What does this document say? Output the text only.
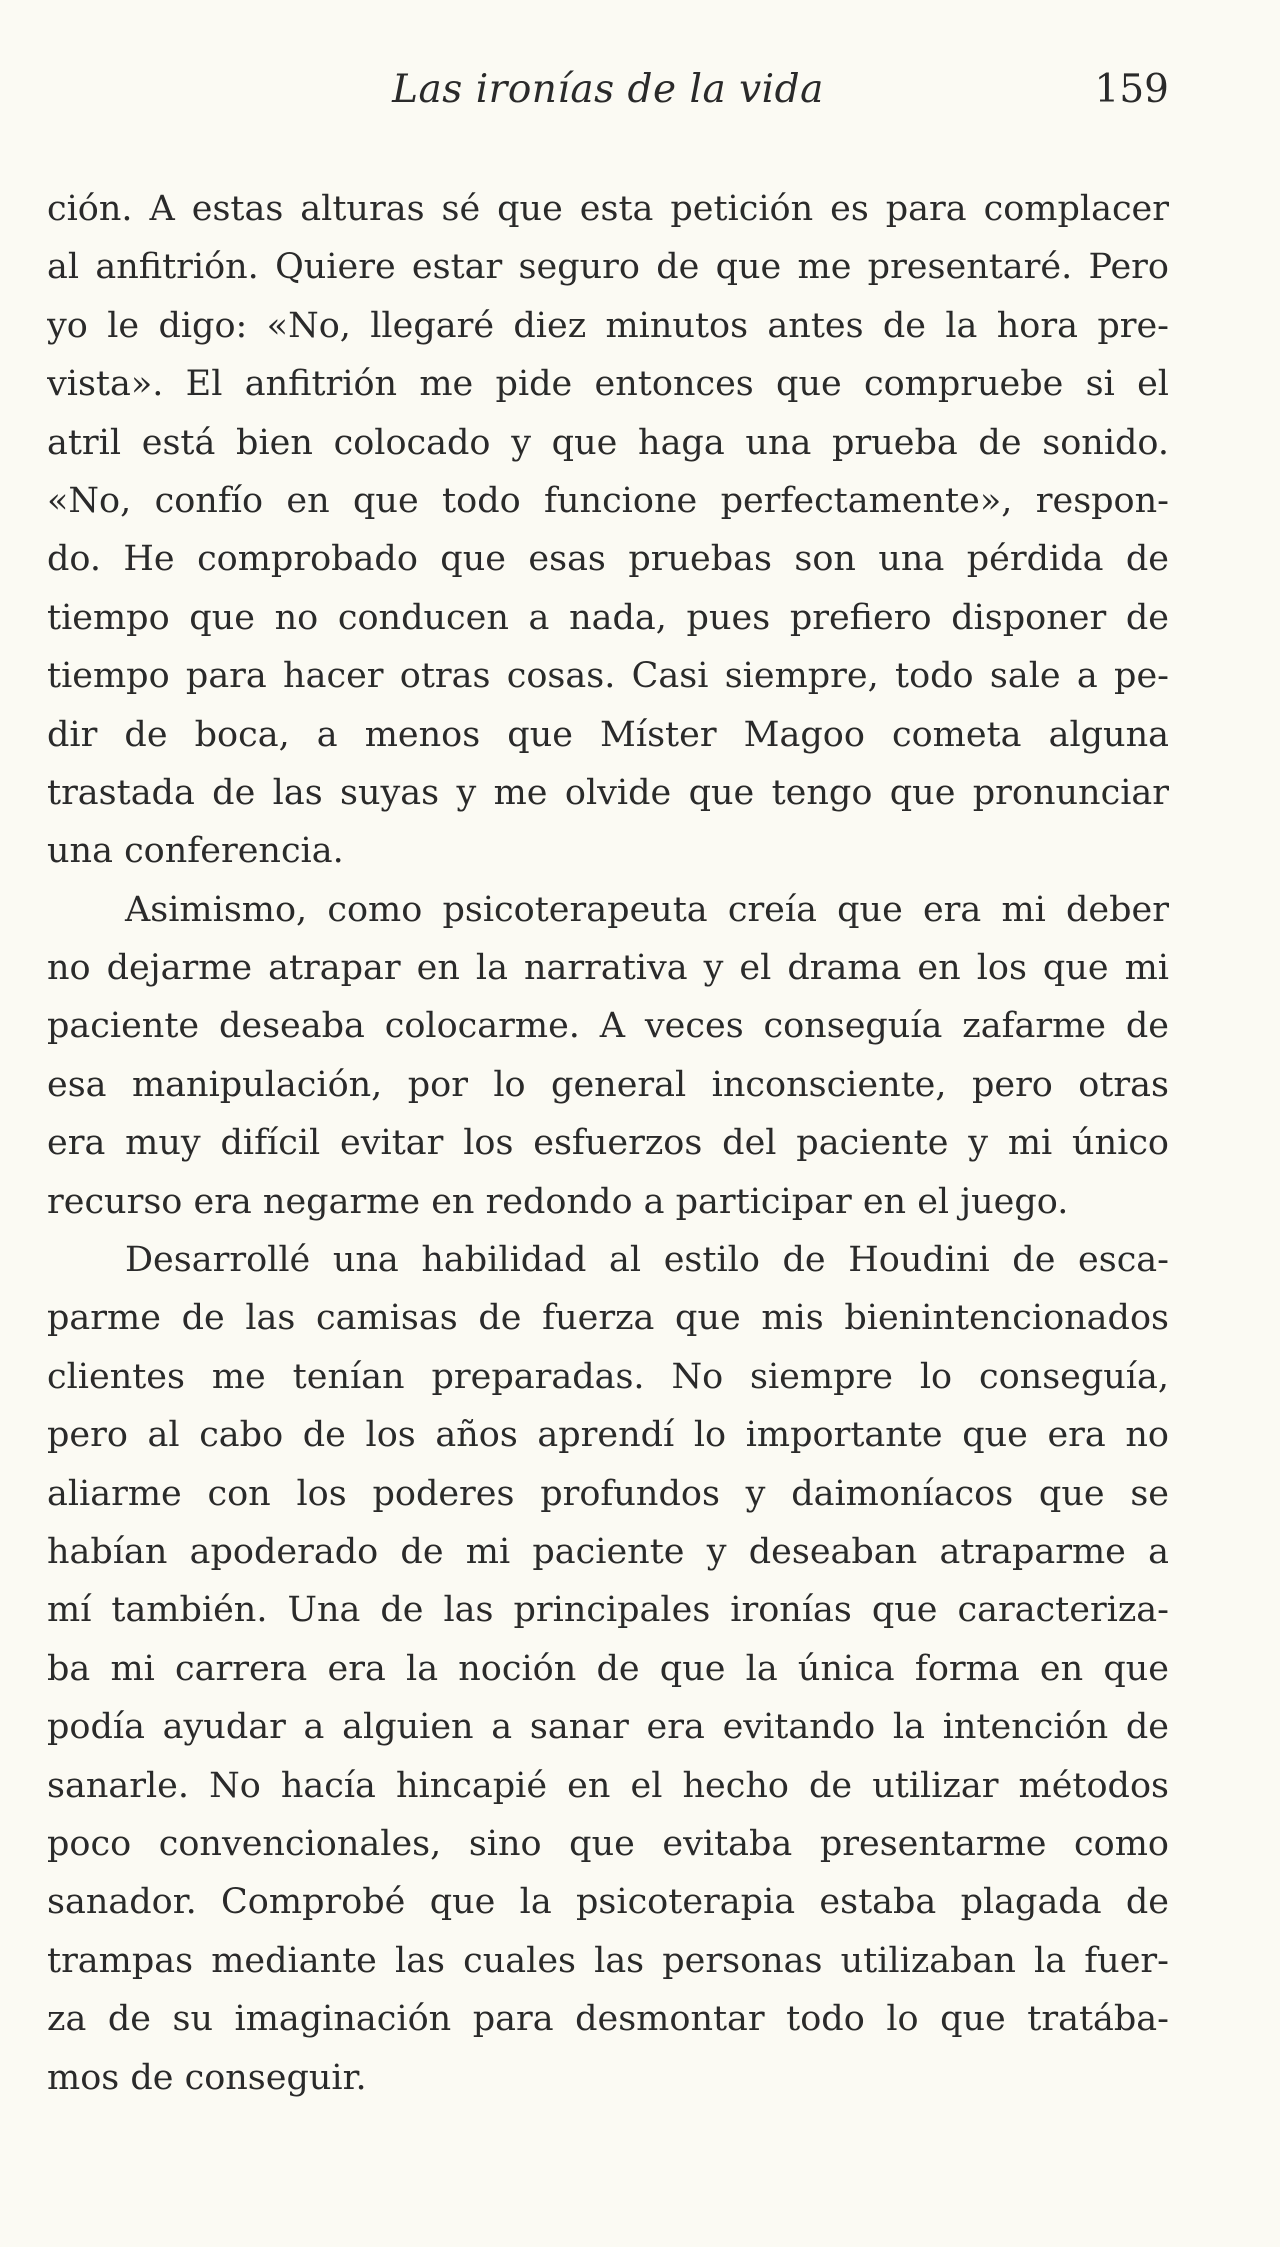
Las ironías de la vida	159
ción. A estas alturas sé que esta petición es para complacer
al anfitrión. Quiere estar seguro de que me presentaré. Pero
yo le digo: «No, llegaré diez minutos antes de la hora pre-
vista». El anfitrión me pide entonces que compruebe si el
atril está bien colocado y que haga una prueba de sonido.
«No, confío en que todo funcione perfectamente», respon-
do. He comprobado que esas pruebas son una pérdida de
tiempo que no conducen a nada, pues prefiero disponer de
tiempo para hacer otras cosas. Casi siempre, todo sale a pe-
dir de boca, a menos que Míster Magoo cometa alguna
trastada de las suyas y me olvide que tengo que pronunciar
una conferencia.
Asimismo, como psicoterapeuta creía que era mi deber
no dejarme atrapar en la narrativa y el drama en los que mi
paciente deseaba colocarme. A veces conseguía zafarme de
esa manipulación, por lo general inconsciente, pero otras
era muy difícil evitar los esfuerzos del paciente y mi único
recurso era negarme en redondo a participar en el juego.
Desarrollé una habilidad al estilo de Houdini de esca-
parme de las camisas de fuerza que mis bienintencionados
clientes me tenían preparadas. No siempre lo conseguía,
pero al cabo de los años aprendí lo importante que era no
aliarme con los poderes profundos y daimoníacos que se
habían apoderado de mi paciente y deseaban atraparme a
mí también. Una de las principales ironías que caracteriza-
ba mi carrera era la noción de que la única forma en que
podía ayudar a alguien a sanar era evitando la intención de
sanarle. No hacía hincapié en el hecho de utilizar métodos
poco convencionales, sino que evitaba presentarme como
sanador. Comprobé que la psicoterapia estaba plagada de
trampas mediante las cuales las personas utilizaban la fuer-
za de su imaginación para desmontar todo lo que tratába-
mos de conseguir.
